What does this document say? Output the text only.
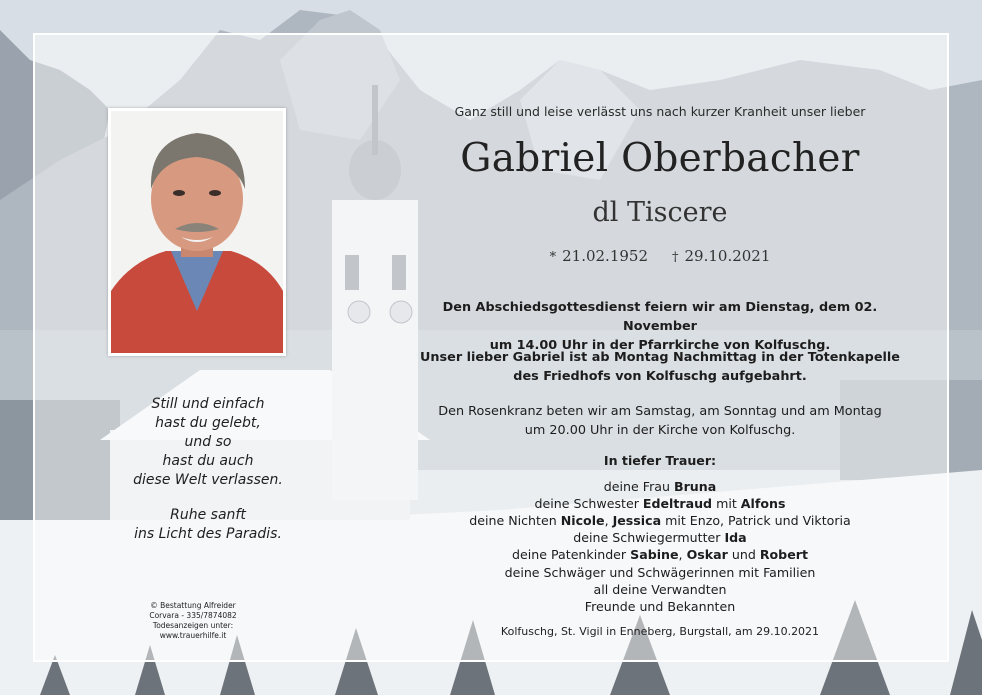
Still und einfach

hast du gelebt,

und so

hast du auch

diese Welt verlassen.

Ruhe sanft

ins Licht des Paradis.

© Bestattung Alfreider

Corvara - 335/7874082

Todesanzeigen unter:

www.trauerhilfe.it

Ganz still und leise verlässt uns nach kurzer Kranheit unser lieber
Gabriel Oberbacher
dl Tiscere
* 21.02.1952 † 29.10.2021

Den Abschiedsgottesdienst feiern wir am Dienstag, dem 02. November

um 14.00 Uhr in der Pfarrkirche von Kolfuschg.

Unser lieber Gabriel ist ab Montag Nachmittag in der Totenkapelle

des Friedhofs von Kolfuschg aufgebahrt.

Den Rosenkranz beten wir am Samstag, am Sonntag und am Montag

um 20.00 Uhr in der Kirche von Kolfuschg.

In tiefer Trauer:

deine Frau Bruna

deine Schwester Edeltraud mit Alfons

deine Nichten Nicole, Jessica mit Enzo, Patrick und Viktoria

deine Schwiegermutter Ida

deine Patenkinder Sabine, Oskar und Robert

deine Schwäger und Schwägerinnen mit Familien

all deine Verwandten

Freunde und Bekannten

Kolfuschg, St. Vigil in Enneberg, Burgstall, am 29.10.2021
